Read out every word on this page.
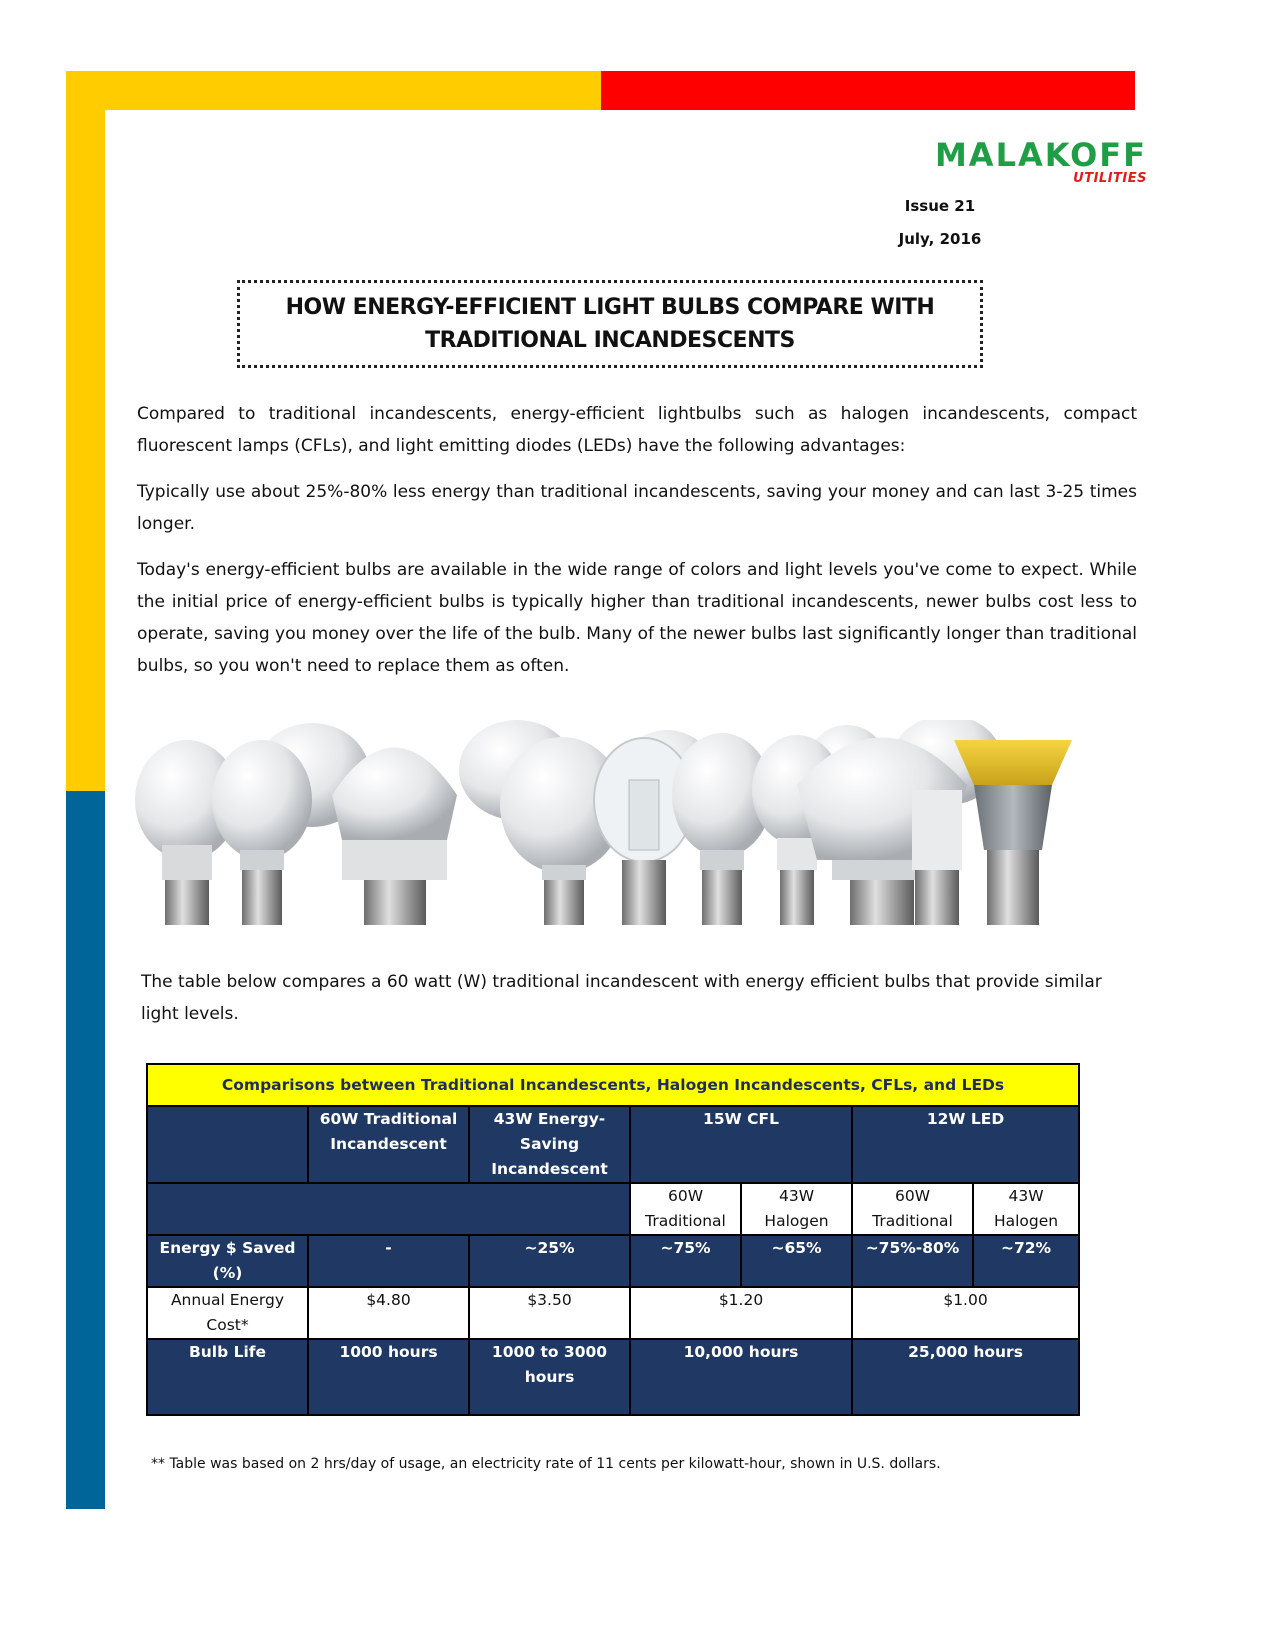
MALAKOFF
UTILITIES
Issue 21
July, 2016
HOW ENERGY-EFFICIENT LIGHT BULBS COMPARE WITH
TRADITIONAL INCANDESCENTS

Compared to traditional incandescents, energy-efficient lightbulbs such as halogen incandescents, compact fluorescent lamps (CFLs), and light emitting diodes (LEDs) have the following advantages:

Typically use about 25%-80% less energy than traditional incandescents, saving your money and can last 3-25 times longer.

Today's energy-efficient bulbs are available in the wide range of colors and light levels you've come to expect. While the initial price of energy-efficient bulbs is typically higher than traditional incandescents, newer bulbs cost less to operate, saving you money over the life of the bulb. Many of the newer bulbs last significantly longer than traditional bulbs, so you won't need to replace them as often.

The table below compares a 60 watt (W) traditional incandescent with energy efficient bulbs that provide similar light levels.

Comparisons between Traditional Incandescents, Halogen Incandescents, CFLs, and LEDs						
	60W Traditional Incandescent	43W Energy-Saving Incandescent	15W CFL		12W LED	
			60W Traditional	43W Halogen	60W Traditional	43W Halogen
Energy $ Saved (%)	-	~25%	~75%	~65%	~75%-80%	~72%
Annual Energy Cost*	$4.80	$3.50	$1.20		$1.00	
Bulb Life	1000 hours	1000 to 3000 hours	10,000 hours		25,000 hours	
** Table was based on 2 hrs/day of usage, an electricity rate of 11 cents per kilowatt-hour, shown in U.S. dollars.
